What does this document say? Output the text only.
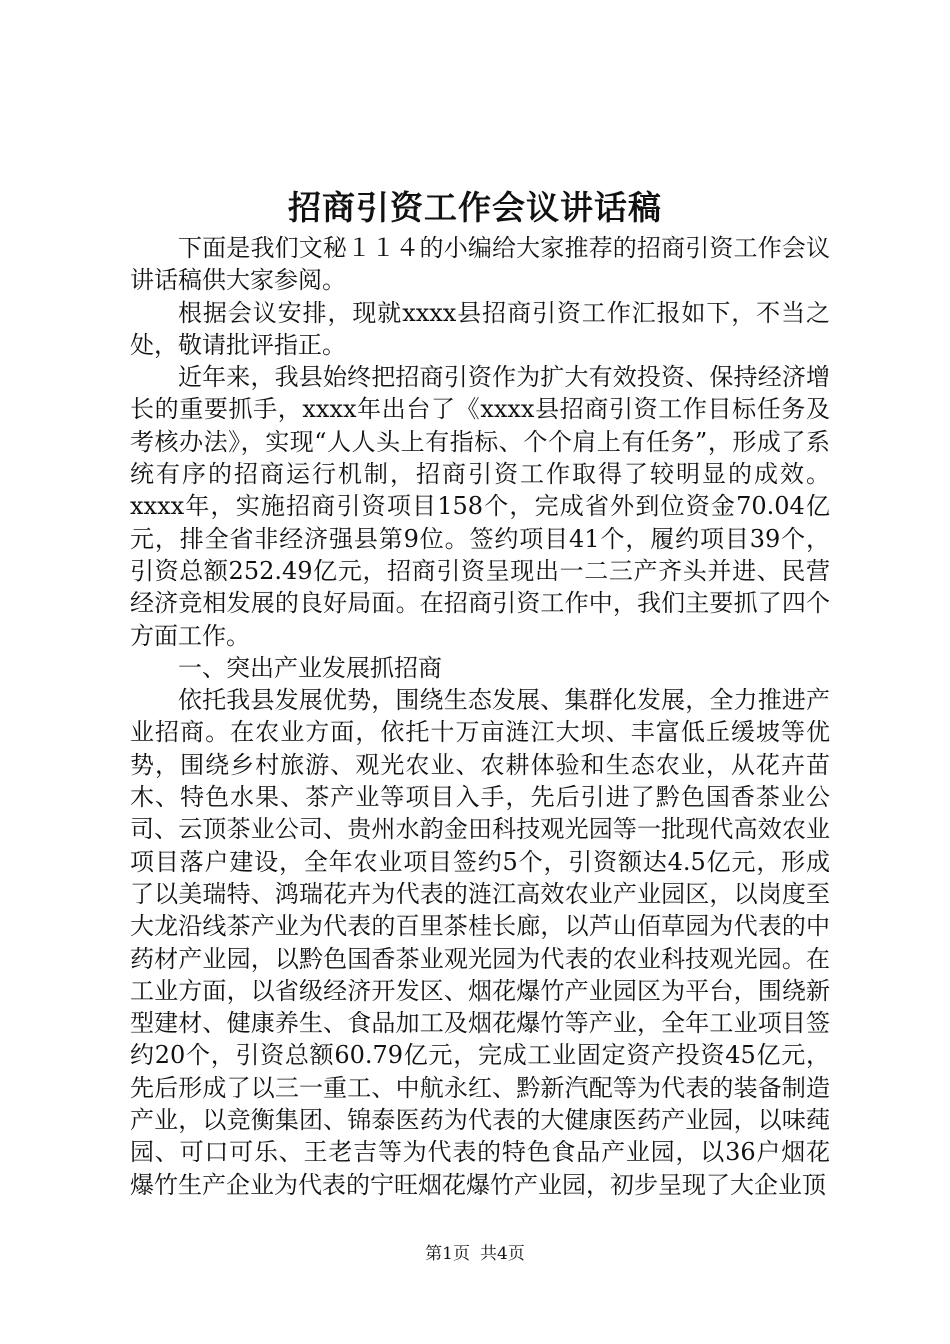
招商引资工作会议讲话稿

下面是我们文秘１１４的小编给大家推荐的招商引资工作会议讲话稿供大家参阅。

根据会议安排，现就xxxx县招商引资工作汇报如下，不当之处，敬请批评指正。

近年来，我县始终把招商引资作为扩大有效投资、保持经济增长的重要抓手，xxxx年出台了《xxxx县招商引资工作目标任务及考核办法》，实现“人人头上有指标、个个肩上有任务”，形成了系统有序的招商运行机制，招商引资工作取得了较明显的成效。xxxx年，实施招商引资项目158个，完成省外到位资金70.04亿元，排全省非经济强县第9位。签约项目41个，履约项目39个，引资总额252.49亿元，招商引资呈现出一二三产齐头并进、民营经济竞相发展的良好局面。在招商引资工作中，我们主要抓了四个方面工作。

一、突出产业发展抓招商

依托我县发展优势，围绕生态发展、集群化发展，全力推进产业招商。在农业方面，依托十万亩涟江大坝、丰富低丘缓坡等优势，围绕乡村旅游、观光农业、农耕体验和生态农业，从花卉苗木、特色水果、茶产业等项目入手，先后引进了黔色国香茶业公司、云顶茶业公司、贵州水韵金田科技观光园等一批现代高效农业项目落户建设，全年农业项目签约5个，引资额达4.5亿元，形成了以美瑞特、鸿瑞花卉为代表的涟江高效农业产业园区，以岗度至大龙沿线茶产业为代表的百里茶桂长廊，以芦山佰草园为代表的中药材产业园，以黔色国香茶业观光园为代表的农业科技观光园。在工业方面，以省级经济开发区、烟花爆竹产业园区为平台，围绕新型建材、健康养生、食品加工及烟花爆竹等产业，全年工业项目签约20个，引资总额60.79亿元，完成工业固定资产投资45亿元，先后形成了以三一重工、中航永红、黔新汽配等为代表的装备制造产业，以竞衡集团、锦泰医药为代表的大健康医药产业园，以味莼园、可口可乐、王老吉等为代表的特色食品产业园，以36户烟花爆竹生产企业为代表的宁旺烟花爆竹产业园，初步呈现了大企业顶

第1页 共4页
